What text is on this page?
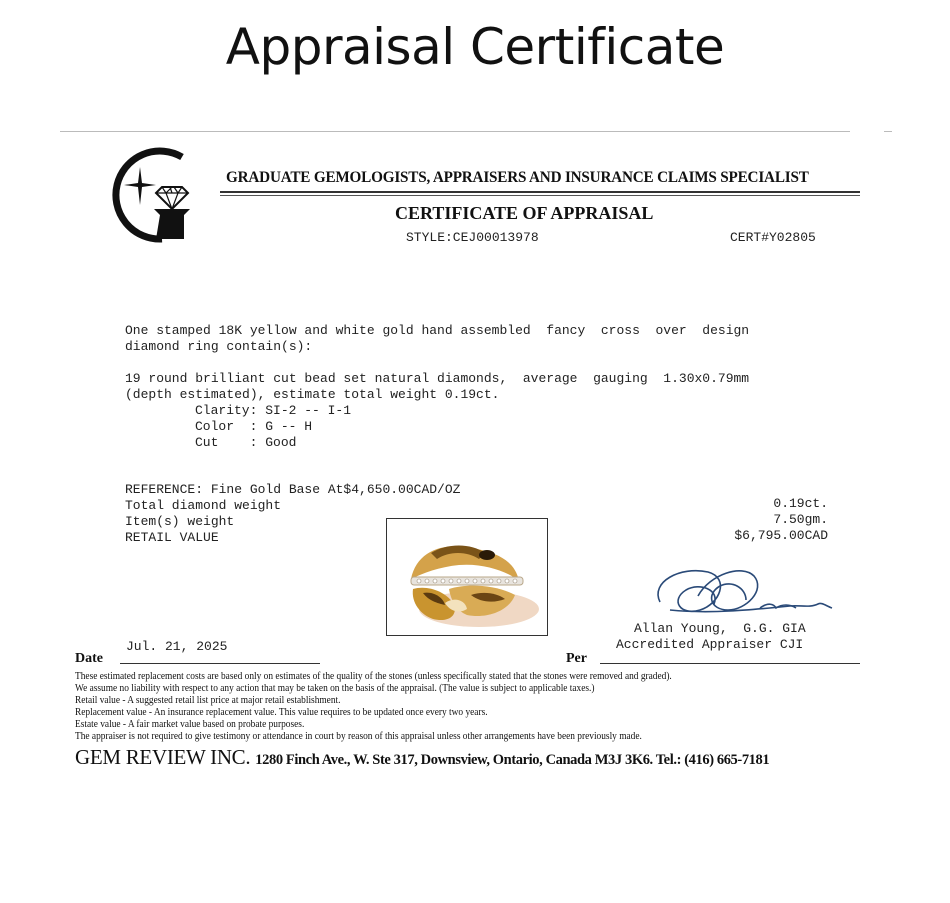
Appraisal Certificate
GRADUATE GEMOLOGISTS, APPRAISERS AND INSURANCE CLAIMS SPECIALIST
CERTIFICATE OF APPRAISAL
STYLE:CEJ00013978	CERT#Y02805
One stamped 18K yellow and white gold hand assembled  fancy  cross  over  design
diamond ring contain(s):
19 round brilliant cut bead set natural diamonds,  average  gauging  1.30x0.79mm
(depth estimated), estimate total weight 0.19ct.
Clarity: SI-2 -- I-1
Color  : G -- H
Cut    : Good
REFERENCE: Fine Gold Base At$4,650.00CAD/OZ
Total diamond weight
Item(s) weight
RETAIL VALUE
0.19ct.
7.50gm.
$6,795.00CAD
Allan Young,  G.G. GIA
Accredited Appraiser CJI
Jul. 21, 2025
Date	Per
These estimated replacement costs are based only on estimates of the quality of the stones (unless specifically stated that the stones were removed and graded).
We assume no liability with respect to any action that may be taken on the basis of the appraisal. (The value is subject to applicable taxes.)
Retail value - A suggested retail list price at major retail establishment.
Replacement value - An insurance replacement value. This value requires to be updated once every two years.
Estate value - A fair market value based on probate purposes.
The appraiser is not required to give testimony or attendance in court by reason of this appraisal unless other arrangements have been previously made.
GEM REVIEW INC. 1280 Finch Ave., W. Ste 317, Downsview, Ontario, Canada M3J 3K6. Tel.: (416) 665-7181
